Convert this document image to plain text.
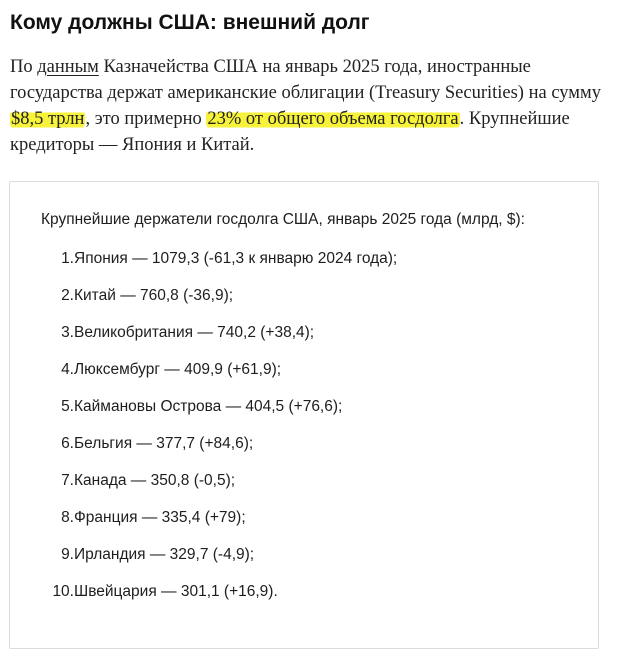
Кому должны США: внешний долг

По данным Казначейства США на январь 2025 года, иностранные государства держат американские облигации (Treasury Securities) на сумму $8,5 трлн, это примерно 23% от общего объема госдолга. Крупнейшие кредиторы — Япония и Китай.

Крупнейшие держатели госдолга США, январь 2025 года (млрд, $):
1. Япония — 1079,3 (-61,3 к январю 2024 года);
2. Китай — 760,8 (-36,9);
3. Великобритания — 740,2 (+38,4);
4. Люксембург — 409,9 (+61,9);
5. Каймановы Острова — 404,5 (+76,6);
6. Бельгия — 377,7 (+84,6);
7. Канада — 350,8 (-0,5);
8. Франция — 335,4 (+79);
9. Ирландия — 329,7 (-4,9);
10. Швейцария — 301,1 (+16,9).
